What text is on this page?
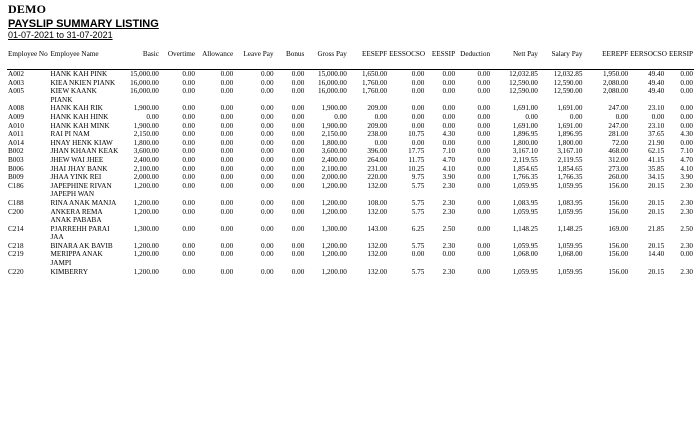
DEMO
PAYSLIP SUMMARY LISTING
01-07-2021 to 31-07-2021
Employee No	Employee Name	Basic	Overtime	Allowance	Leave Pay	Bonus	Gross Pay	EESEPF	EESSOCSO	EESSIP	Deduction	Nett Pay	Salary Pay	EEREPF	EERSOCSO	EERSIP
A002	HANK KAH PINK	15,000.00	0.00	0.00	0.00	0.00	15,000.00	1,650.00	0.00	0.00	0.00	12,032.85	12,032.85	1,950.00	49.40	0.00
A003	KIEA NKIEN PIANK	16,000.00	0.00	0.00	0.00	0.00	16,000.00	1,760.00	0.00	0.00	0.00	12,590.00	12,590.00	2,080.00	49.40	0.00
A005	KIEW KAANK PIANK	16,000.00	0.00	0.00	0.00	0.00	16,000.00	1,760.00	0.00	0.00	0.00	12,590.00	12,590.00	2,080.00	49.40	0.00
A008	HANK KAH RIK	1,900.00	0.00	0.00	0.00	0.00	1,900.00	209.00	0.00	0.00	0.00	1,691.00	1,691.00	247.00	23.10	0.00
A009	HANK KAH HINK	0.00	0.00	0.00	0.00	0.00	0.00	0.00	0.00	0.00	0.00	0.00	0.00	0.00	0.00	0.00
A010	HANK KAH MINK	1,900.00	0.00	0.00	0.00	0.00	1,900.00	209.00	0.00	0.00	0.00	1,691.00	1,691.00	247.00	23.10	0.00
A011	RAI PI NAM	2,150.00	0.00	0.00	0.00	0.00	2,150.00	238.00	10.75	4.30	0.00	1,896.95	1,896.95	281.00	37.65	4.30
A014	HNAY HENK KIAW	1,800.00	0.00	0.00	0.00	0.00	1,800.00	0.00	0.00	0.00	0.00	1,800.00	1,800.00	72.00	21.90	0.00
B002	JHAN KHAAN KEAK	3,600.00	0.00	0.00	0.00	0.00	3,600.00	396.00	17.75	7.10	0.00	3,167.10	3,167.10	468.00	62.15	7.10
B003	JHEW WAI JHEE	2,400.00	0.00	0.00	0.00	0.00	2,400.00	264.00	11.75	4.70	0.00	2,119.55	2,119.55	312.00	41.15	4.70
B006	JHAI JHAY BANK	2,100.00	0.00	0.00	0.00	0.00	2,100.00	231.00	10.25	4.10	0.00	1,854.65	1,854.65	273.00	35.85	4.10
B009	JHAA YINK REI	2,000.00	0.00	0.00	0.00	0.00	2,000.00	220.00	9.75	3.90	0.00	1,766.35	1,766.35	260.00	34.15	3.90
C186	JAPEPHINE RIVAN JAPEPH WAN	1,200.00	0.00	0.00	0.00	0.00	1,200.00	132.00	5.75	2.30	0.00	1,059.95	1,059.95	156.00	20.15	2.30
C188	RINA ANAK MANJA	1,200.00	0.00	0.00	0.00	0.00	1,200.00	108.00	5.75	2.30	0.00	1,083.95	1,083.95	156.00	20.15	2.30
C200	ANKERA REMA ANAK PABABA	1,200.00	0.00	0.00	0.00	0.00	1,200.00	132.00	5.75	2.30	0.00	1,059.95	1,059.95	156.00	20.15	2.30
C214	PJARREHH PARAI JAA	1,300.00	0.00	0.00	0.00	0.00	1,300.00	143.00	6.25	2.50	0.00	1,148.25	1,148.25	169.00	21.85	2.50
C218	BINARA AK BAVIB	1,200.00	0.00	0.00	0.00	0.00	1,200.00	132.00	5.75	2.30	0.00	1,059.95	1,059.95	156.00	20.15	2.30
C219	MERIPPA ANAK JAMPI	1,200.00	0.00	0.00	0.00	0.00	1,200.00	132.00	0.00	0.00	0.00	1,068.00	1,068.00	156.00	14.40	0.00
C220	KIMBERRY	1,200.00	0.00	0.00	0.00	0.00	1,200.00	132.00	5.75	2.30	0.00	1,059.95	1,059.95	156.00	20.15	2.30
